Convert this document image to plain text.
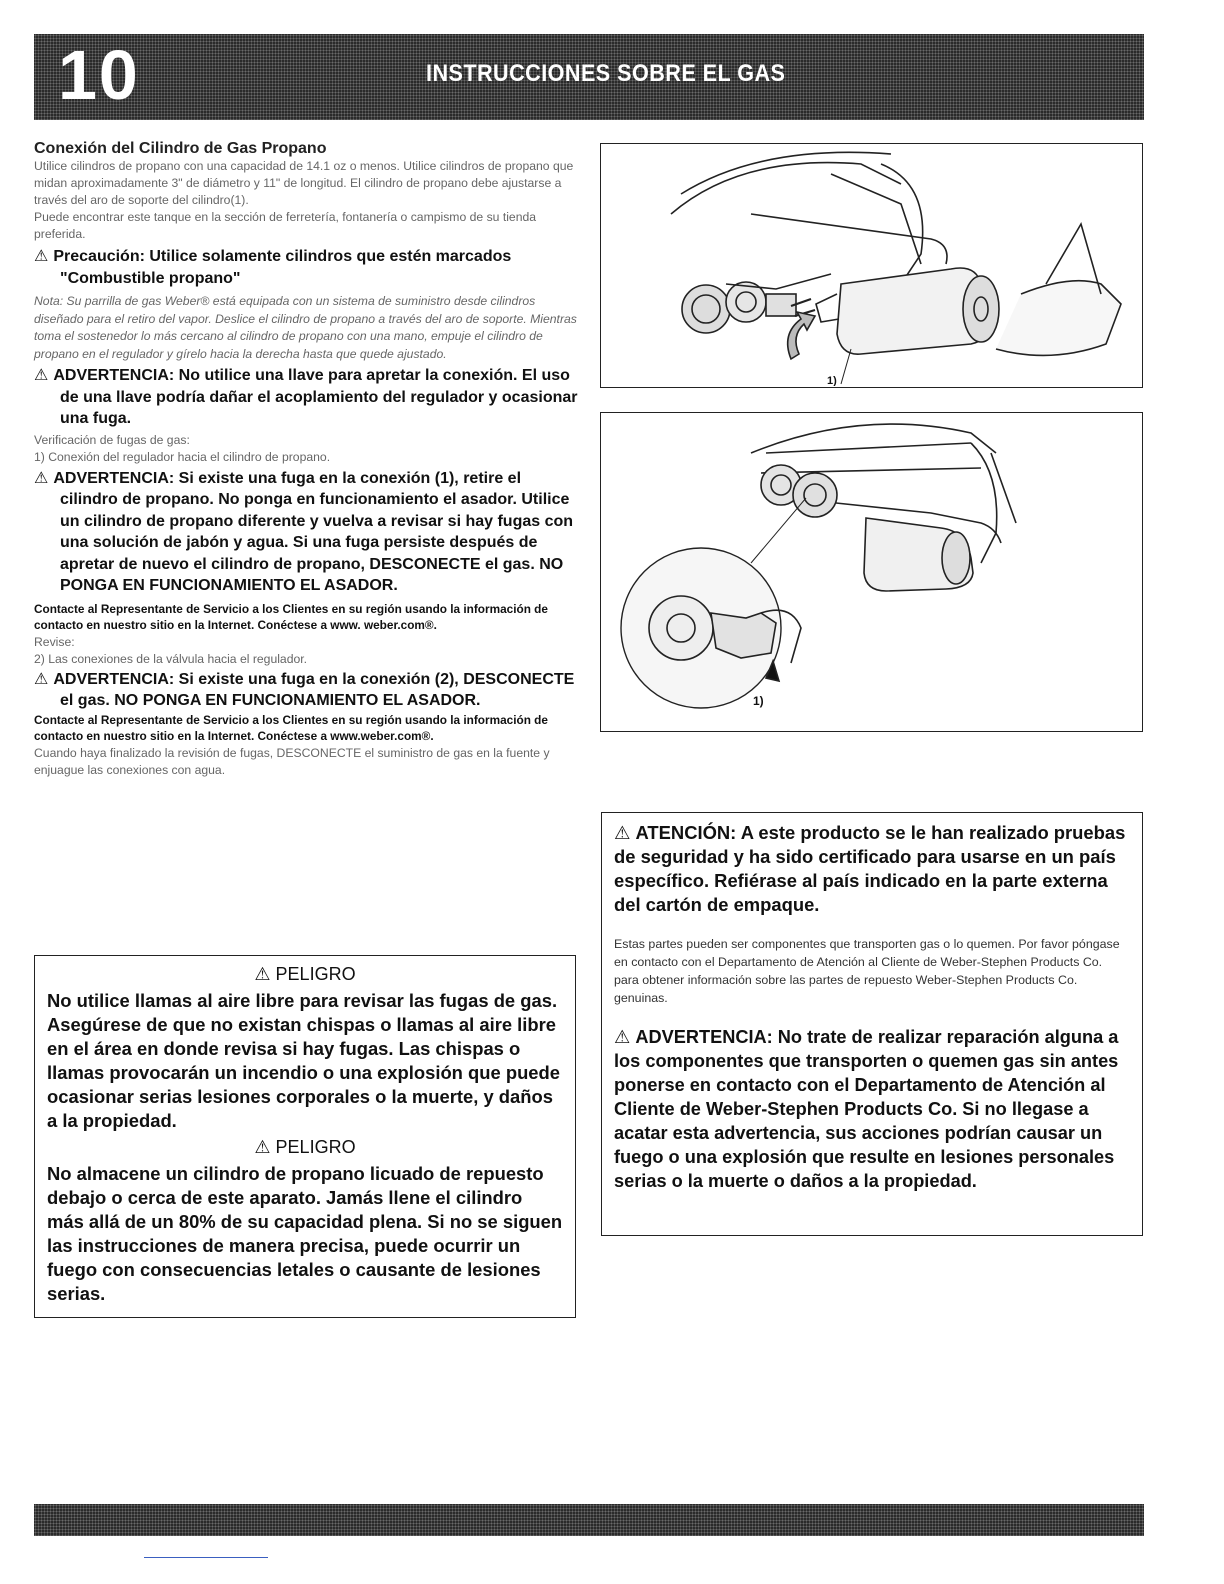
10	INSTRUCCIONES SOBRE EL GAS

Conexión del Cilindro de Gas Propano

Utilice cilindros de propano con una capacidad de 14.1 oz o menos. Utilice cilindros de propano que midan aproximadamente 3" de diámetro y 11" de longitud. El cilindro de propano debe ajustarse a través del aro de soporte del cilindro(1).

Puede encontrar este tanque en la sección de ferretería, fontanería o campismo de su tienda preferida.

⚠ Precaución: Utilice solamente cilindros que estén marcados "Combustible propano"

Nota: Su parrilla de gas Weber® está equipada con un sistema de suministro desde cilindros diseñado para el retiro del vapor. Deslice el cilindro de propano a través del aro de soporte. Mientras toma el sostenedor lo más cercano al cilindro de propano con una mano, empuje el cilindro de propano en el regulador y gírelo hacia la derecha hasta que quede ajustado.

⚠ ADVERTENCIA: No utilice una llave para apretar la conexión. El uso de una llave podría dañar el acoplamiento del regulador y ocasionar una fuga.

Verificación de fugas de gas:

1) Conexión del regulador hacia el cilindro de propano.

⚠ ADVERTENCIA: Si existe una fuga en la conexión (1), retire el cilindro de propano. No ponga en funcionamiento el asador. Utilice un cilindro de propano diferente y vuelva a revisar si hay fugas con una solución de jabón y agua. Si una fuga persiste después de apretar de nuevo el cilindro de propano, DESCONECTE el gas. NO PONGA EN FUNCIONAMIENTO EL ASADOR.

Contacte al Representante de Servicio a los Clientes en su región usando la información de contacto en nuestro sitio en la Internet. Conéctese a www. weber.com®.

Revise:

2) Las conexiones de la válvula hacia el regulador.

⚠ ADVERTENCIA: Si existe una fuga en la conexión (2), DESCONECTE el gas. NO PONGA EN FUNCIONAMIENTO EL ASADOR.

Contacte al Representante de Servicio a los Clientes en su región usando la información de contacto en nuestro sitio en la Internet. Conéctese a www.weber.com®.

Cuando haya finalizado la revisión de fugas, DESCONECTE el suministro de gas en la fuente y enjuague las conexiones con agua.

⚠ PELIGRO

No utilice llamas al aire libre para revisar las fugas de gas. Asegúrese de que no existan chispas o llamas al aire libre en el área en donde revisa si hay fugas. Las chispas o llamas provocarán un incendio o una explosión que puede ocasionar serias lesiones corporales o la muerte, y daños a la propiedad.

⚠ PELIGRO

No almacene un cilindro de propano licuado de repuesto debajo o cerca de este aparato. Jamás llene el cilindro más allá de un 80% de su capacidad plena. Si no se siguen las instrucciones de manera precisa, puede ocurrir un fuego con consecuencias letales o causante de lesiones serias.

1)
1)

⚠ ATENCIÓN: A este producto se le han realizado pruebas de seguridad y ha sido certificado para usarse en un país específico. Refiérase al país indicado en la parte externa del cartón de empaque.

Estas partes pueden ser componentes que transporten gas o lo quemen. Por favor póngase en contacto con el Departamento de Atención al Cliente de Weber-Stephen Products Co. para obtener información sobre las partes de repuesto Weber-Stephen Products Co. genuinas.

⚠ ADVERTENCIA: No trate de realizar reparación alguna a los componentes que transporten o quemen gas sin antes ponerse en contacto con el Departamento de Atención al Cliente de Weber-Stephen Products Co. Si no llegase a acatar esta advertencia, sus acciones podrían causar un fuego o una explosión que resulte en lesiones personales serias o la muerte o daños a la propiedad.
